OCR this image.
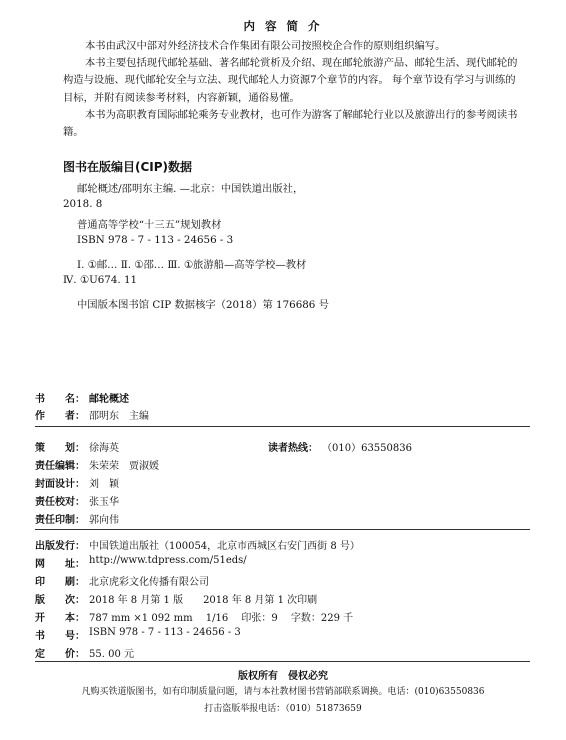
内 容 简 介

本书由武汉中部对外经济技术合作集团有限公司按照校企合作的原则组织编写。

本书主要包括现代邮轮基础、著名邮轮赏析及介绍、现在邮轮旅游产品、邮轮生活、现代邮轮的构造与设施、现代邮轮安全与立法、现代邮轮人力资源7个章节的内容。 每个章节设有学习与训练的目标，并附有阅读参考材料，内容新颖，通俗易懂。

本书为高职教育国际邮轮乘务专业教材，也可作为游客了解邮轮行业以及旅游出行的参考阅读书籍。

图书在版编目(CIP)数据
邮轮概述/邵明东主编. —北京：中国铁道出版社，
2018. 8
普通高等学校“十三五”规划教材
ISBN 978 - 7 - 113 - 24656 - 3
Ⅰ. ①邮… Ⅱ. ①邵… Ⅲ. ①旅游船—高等学校—教材
Ⅳ. ①U674. 11
中国版本图书馆 CIP 数据核字（2018）第 176686 号
书　　名： 邮轮概述
作　　者： 邵明东　主编
策　　划： 徐海英	读者热线： （010）63550836
责任编辑： 朱荣荣　贾淑媛
封面设计： 刘　颖
责任校对： 张玉华
责任印制： 郭向伟
出版发行： 中国铁道出版社（100054，北京市西城区右安门西街 8 号）
网　　址： http://www.tdpress.com/51eds/
印　　刷： 北京虎彩文化传播有限公司
版　　次： 2018 年 8 月第 1 版　　2018 年 8 月第 1 次印刷
开　　本： 787 mm ×1 092 mm　 1/16　 印张：9　 字数：229 千
书　　号： ISBN 978 - 7 - 113 - 24656 - 3
定　　价： 55. 00 元
版权所有　侵权必究
凡购买铁道版图书，如有印制质量问题，请与本社教材图书营销部联系调换。电话：(010)63550836
打击盗版举报电话：（010）51873659
